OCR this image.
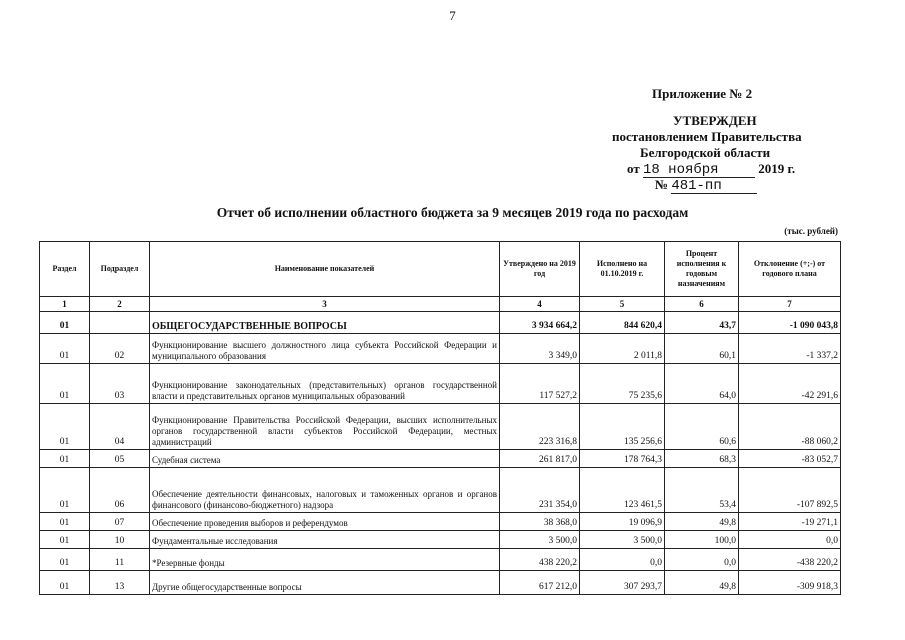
7
Приложение № 2
УТВЕРЖДЕН
постановлением Правительства
Белгородской области
от 18 ноября	2019 г.
№ 481-пп
Отчет об исполнении областного бюджета за 9 месяцев 2019 года по расходам
(тыс. рублей)
Раздел	Подраздел	Наименование показателей	Утверждено на 2019 год	Исполнено на 01.10.2019 г.	Процент исполнения к годовым назначениям	Отклонение (+;-) от годового плана
1	2	3	4	5	6	7
01		ОБЩЕГОСУДАРСТВЕННЫЕ ВОПРОСЫ	3 934 664,2	844 620,4	43,7	-1 090 043,8
01	02	Функционирование высшего должностного лица субъекта Российской Федерации и муниципального образования	3 349,0	2 011,8	60,1	-1 337,2
01	03	Функционирование законодательных (представительных) органов государственной власти и представительных органов муниципальных образований	117 527,2	75 235,6	64,0	-42 291,6
01	04	Функционирование Правительства Российской Федерации, высших исполнительных органов государственной власти субъектов Российской Федерации, местных администраций	223 316,8	135 256,6	60,6	-88 060,2
01	05	Судебная система	261 817,0	178 764,3	68,3	-83 052,7
01	06	Обеспечение деятельности финансовых, налоговых и таможенных органов и органов финансового (финансово-бюджетного) надзора	231 354,0	123 461,5	53,4	-107 892,5
01	07	Обеспечение проведения выборов и референдумов	38 368,0	19 096,9	49,8	-19 271,1
01	10	Фундаментальные исследования	3 500,0	3 500,0	100,0	0,0
01	11	*Резервные фонды	438 220,2	0,0	0,0	-438 220,2
01	13	Другие общегосударственные вопросы	617 212,0	307 293,7	49,8	-309 918,3
